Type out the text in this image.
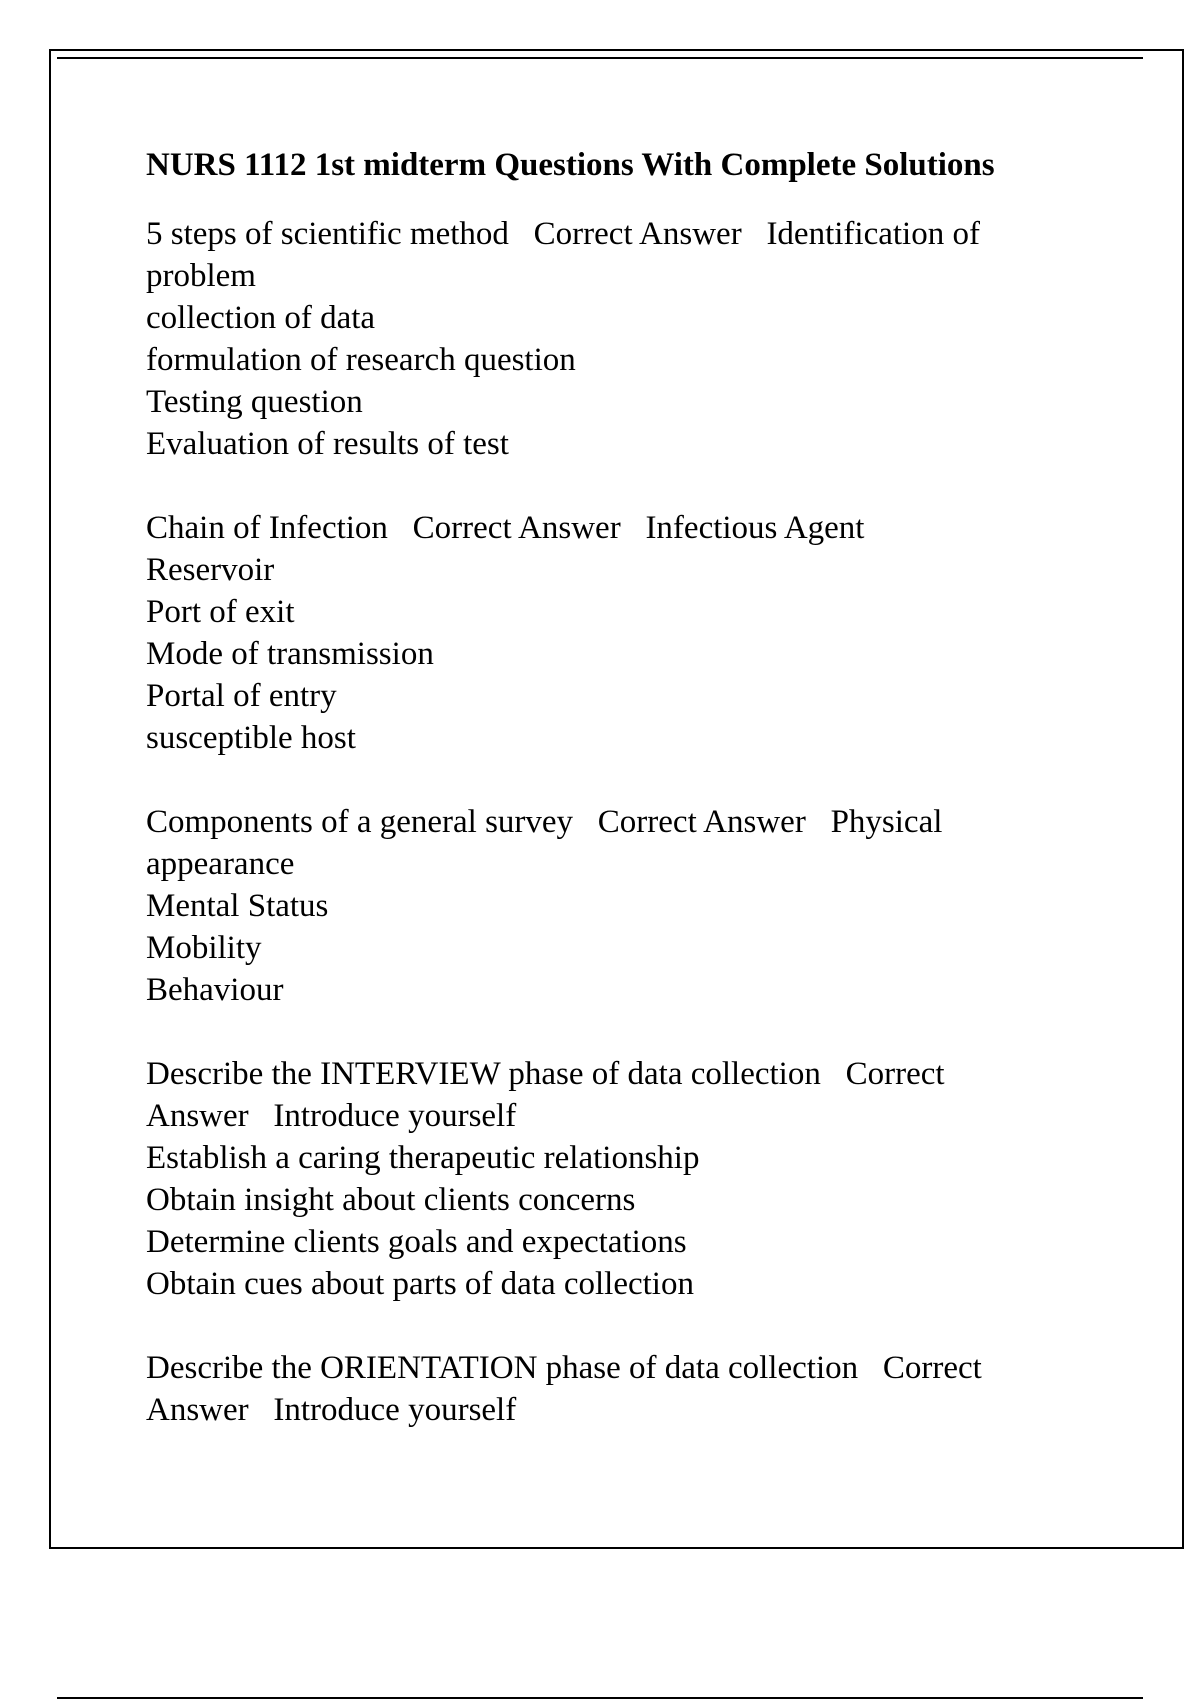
NURS 1112 1st midterm Questions With Complete Solutions
5 steps of scientific method   Correct Answer   Identification of
problem
collection of data
formulation of research question
Testing question
Evaluation of results of test
Chain of Infection   Correct Answer   Infectious Agent
Reservoir
Port of exit
Mode of transmission
Portal of entry
susceptible host
Components of a general survey   Correct Answer   Physical
appearance
Mental Status
Mobility
Behaviour
Describe the INTERVIEW phase of data collection   Correct
Answer   Introduce yourself
Establish a caring therapeutic relationship
Obtain insight about clients concerns
Determine clients goals and expectations
Obtain cues about parts of data collection
Describe the ORIENTATION phase of data collection   Correct
Answer   Introduce yourself
